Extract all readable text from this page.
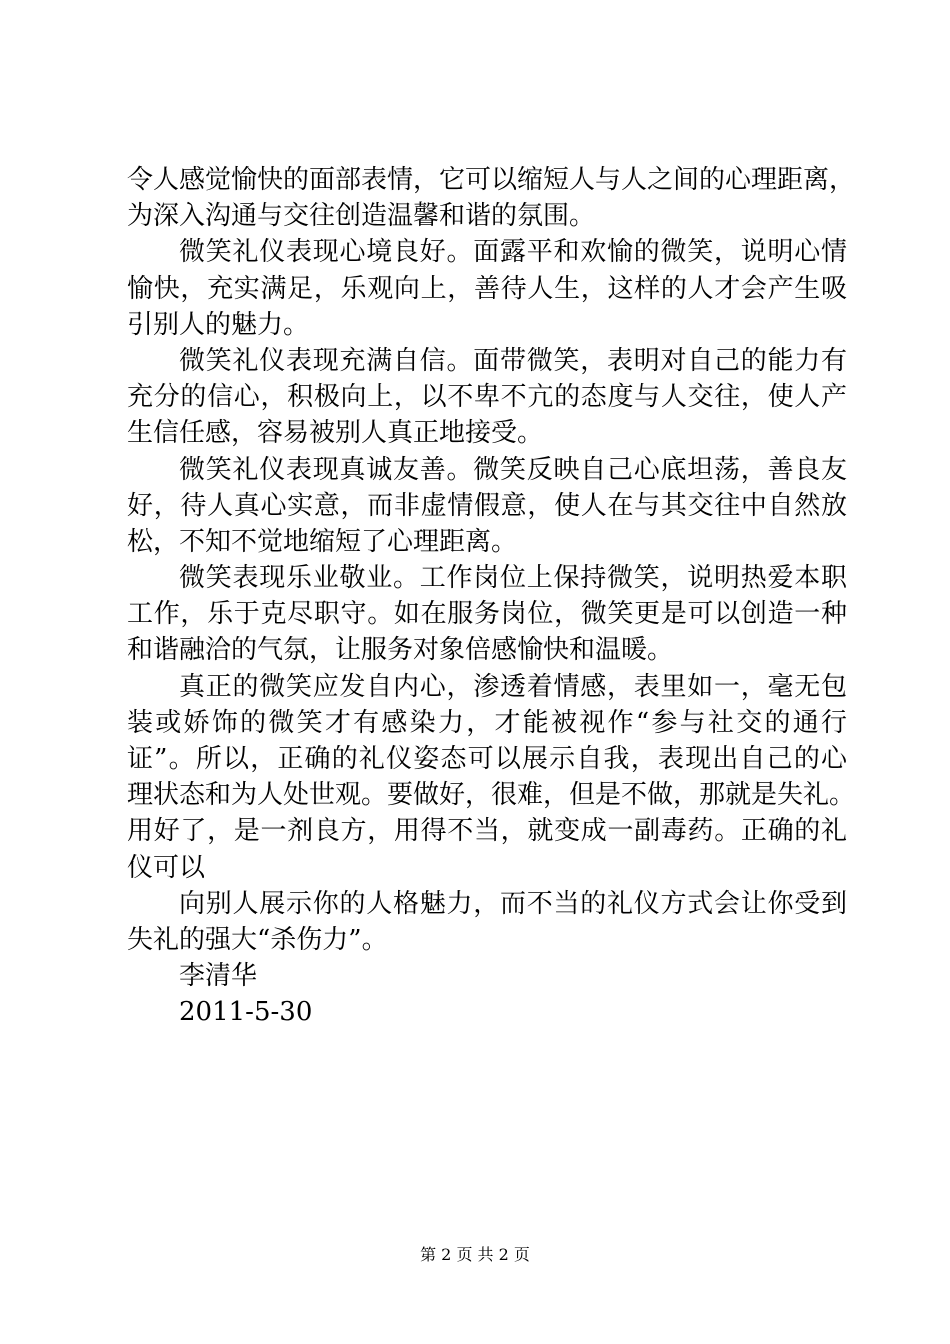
令人感觉愉快的面部表情，它可以缩短人与人之间的心理距离，
为深入沟通与交往创造温馨和谐的氛围。
微笑礼仪表现心境良好。面露平和欢愉的微笑，说明心情
愉快，充实满足，乐观向上，善待人生，这样的人才会产生吸
引别人的魅力。
微笑礼仪表现充满自信。面带微笑，表明对自己的能力有
充分的信心，积极向上，以不卑不亢的态度与人交往，使人产
生信任感，容易被别人真正地接受。
微笑礼仪表现真诚友善。微笑反映自己心底坦荡，善良友
好，待人真心实意，而非虚情假意，使人在与其交往中自然放
松，不知不觉地缩短了心理距离。
微笑表现乐业敬业。工作岗位上保持微笑，说明热爱本职
工作，乐于克尽职守。如在服务岗位，微笑更是可以创造一种
和谐融洽的气氛，让服务对象倍感愉快和温暖。
真正的微笑应发自内心，渗透着情感，表里如一，毫无包
装或娇饰的微笑才有感染力，才能被视作“参与社交的通行
证”。所以，正确的礼仪姿态可以展示自我，表现出自己的心
理状态和为人处世观。要做好，很难，但是不做，那就是失礼。
用好了，是一剂良方，用得不当，就变成一副毒药。正确的礼
仪可以
向别人展示你的人格魅力，而不当的礼仪方式会让你受到
失礼的强大“杀伤力”。
李清华
2011-5-30
第 2 页 共 2 页
